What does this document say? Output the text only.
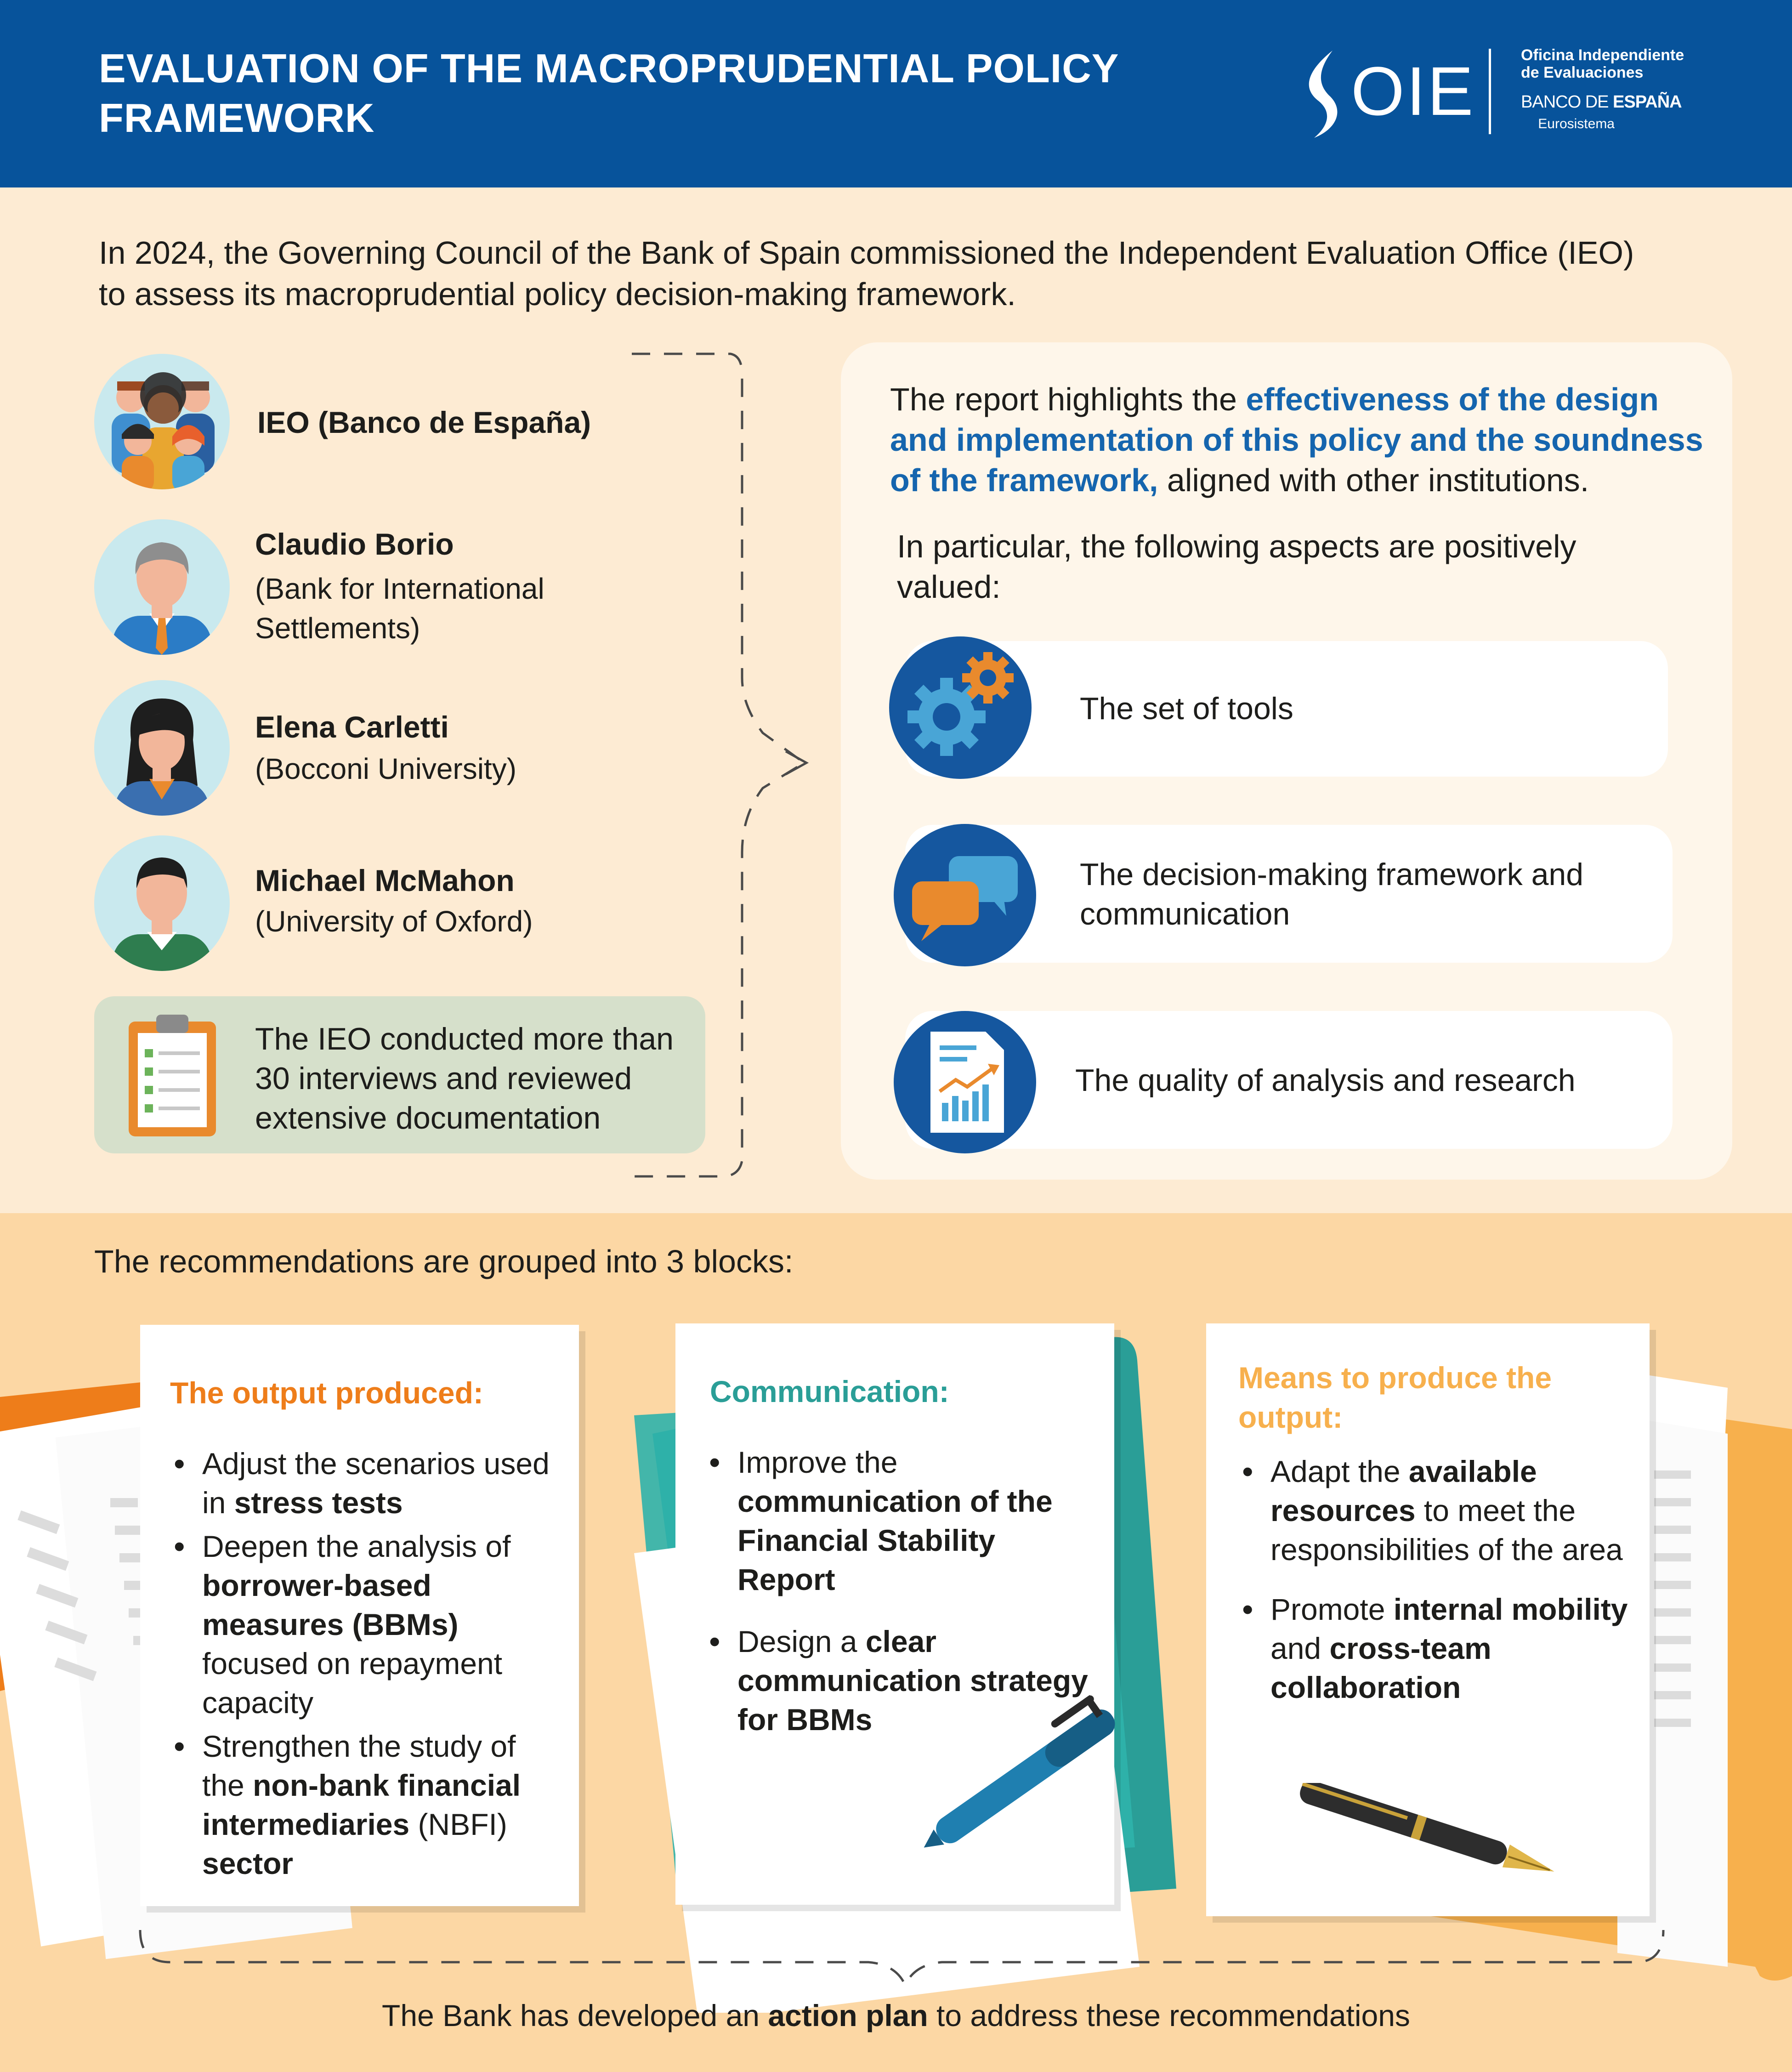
EVALUATION OF THE MACROPRUDENTIAL POLICY FRAMEWORK	OIE	Oficina Independiente
de Evaluaciones
BANCO DE ESPAÑA
Eurosistema
In 2024, the Governing Council of the Bank of Spain commissioned the Independent Evaluation Office (IEO) to assess its macroprudential policy decision-making framework.
IEO (Banco de España)
Claudio Borio
(Bank for International Settlements)
Elena Carletti
(Bocconi University)
Michael McMahon
(University of Oxford)
The IEO conducted more than 30 interviews and reviewed extensive documentation
The report highlights the effectiveness of the design and implementation of this policy and the soundness of the framework, aligned with other institutions.
In particular, the following aspects are positively valued:
The set of tools
The decision-making framework and communication
The quality of analysis and research
The recommendations are grouped into 3 blocks:
The output produced:
• Adjust the scenarios used in stress tests
• Deepen the analysis of borrower-based measures (BBMs) focused on repayment capacity
• Strengthen the study of the non-bank financial intermediaries (NBFI) sector
Communication:
• Improve the communication of the Financial Stability Report
• Design a clear communication strategy for BBMs
Means to produce the output:
• Adapt the available resources to meet the responsibilities of the area
• Promote internal mobility and cross-team collaboration
The Bank has developed an action plan to address these recommendations
